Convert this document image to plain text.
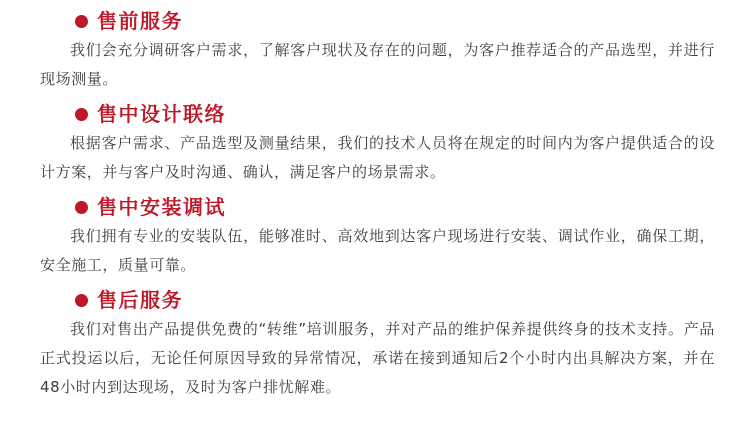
售前服务

我们会充分调研客户需求，了解客户现状及存在的问题，为客户推荐适合的产品选型，并进行现场测量。

售中设计联络

根据客户需求、产品选型及测量结果，我们的技术人员将在规定的时间内为客户提供适合的设计方案，并与客户及时沟通、确认，满足客户的场景需求。

售中安装调试

我们拥有专业的安装队伍，能够准时、高效地到达客户现场进行安装、调试作业，确保工期，安全施工，质量可靠。

售后服务

我们对售出产品提供免费的“转维”培训服务，并对产品的维护保养提供终身的技术支持。产品正式投运以后，无论任何原因导致的异常情况，承诺在接到通知后2个小时内出具解决方案，并在48小时内到达现场，及时为客户排忧解难。
